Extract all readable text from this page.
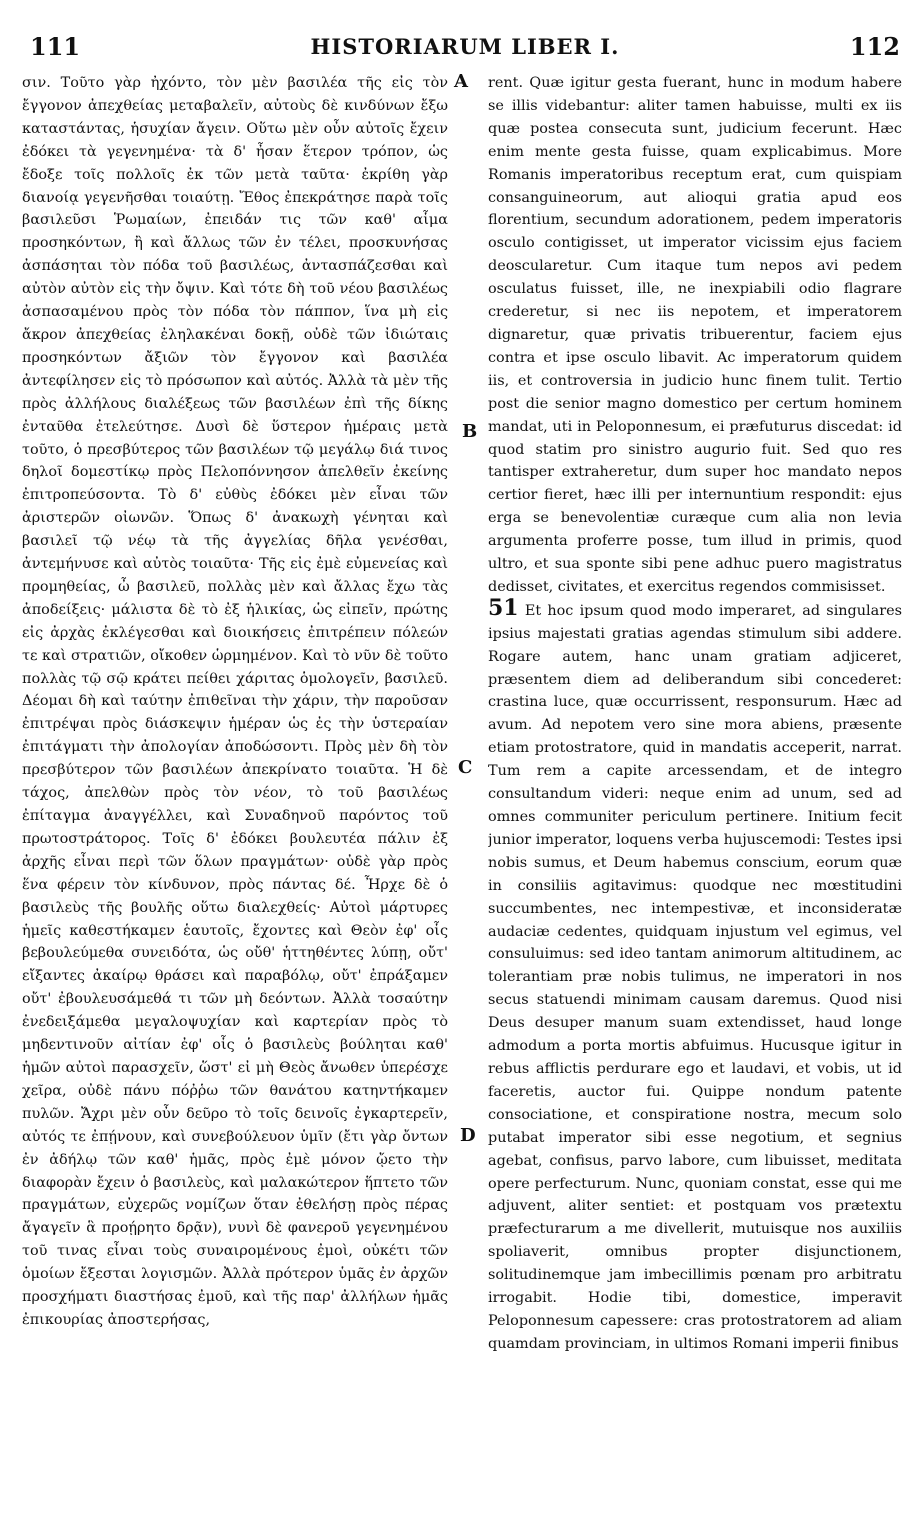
111	HISTORIARUM LIBER I.	112

σιν. Τοῦτο γὰρ ἠχόντο, τὸν μὲν βασιλέα τῆς εἰς τὸν ἔγγονον ἀπεχθείας μεταβαλεῖν, αὐτοὺς δὲ κινδύνων ἔξω καταστάντας, ἡσυχίαν ἄγειν. Οὕτω μὲν οὖν αὐτοῖς ἔχειν ἐδόκει τὰ γεγενημένα· τὰ δ' ἦσαν ἕτερον τρόπον, ὡς ἔδοξε τοῖς πολλοῖς ἐκ τῶν μετὰ ταῦτα· ἐκρίθη γὰρ διανοίᾳ γεγενῆσθαι τοιαύτῃ. Ἔθος ἐπεκράτησε παρὰ τοῖς βασιλεῦσι Ῥωμαίων, ἐπειδάν τις τῶν καθ' αἷμα προσηκόντων, ἢ καὶ ἄλλως τῶν ἐν τέλει, προσκυνήσας ἀσπάσηται τὸν πόδα τοῦ βασιλέως, ἀντασπάζεσθαι καὶ αὐτὸν αὐτὸν εἰς τὴν ὄψιν. Καὶ τότε δὴ τοῦ νέου βασιλέως ἀσπασαμένου πρὸς τὸν πόδα τὸν πάππον, ἵνα μὴ εἰς ἄκρον ἀπεχθείας ἐληλακέναι δοκῇ, οὐδὲ τῶν ἰδιώταις προσηκόντων ἄξιῶν τὸν ἔγγονον καὶ βασιλέα ἀντεφίλησεν εἰς τὸ πρόσωπον καὶ αὐτός. Ἀλλὰ τὰ μὲν τῆς πρὸς ἀλλήλους διαλέξεως τῶν βασιλέων ἐπὶ τῆς δίκης ἐνταῦθα ἐτελεύτησε. Δυσὶ δὲ ὕστερον ἡμέραις μετὰ τοῦτο, ὁ πρεσβύτερος τῶν βασιλέων τῷ μεγάλῳ διά τινος δηλοῖ δομεστίκῳ πρὸς Πελοπόννησον ἀπελθεῖν ἐκείνης ἐπιτροπεύσοντα. Τὸ δ' εὐθὺς ἐδόκει μὲν εἶναι τῶν ἀριστερῶν οἰωνῶν. Ὅπως δ' ἀνακωχὴ γένηται καὶ βασιλεῖ τῷ νέῳ τὰ τῆς ἀγγελίας δῆλα γενέσθαι, ἀντεμήνυσε καὶ αὐτὸς τοιαῦτα· Τῆς εἰς ἐμὲ εὐμενείας καὶ προμηθείας, ὦ βασιλεῦ, πολλὰς μὲν καὶ ἄλλας ἔχω τὰς ἀποδείξεις· μάλιστα δὲ τὸ ἐξ ἡλικίας, ὡς εἰπεῖν, πρώτης εἰς ἀρχὰς ἐκλέγεσθαι καὶ διοικήσεις ἐπιτρέπειν πόλεών τε καὶ στρατιῶν, οἴκοθεν ὡρμημένον. Καὶ τὸ νῦν δὲ τοῦτο πολλὰς τῷ σῷ κράτει πείθει χάριτας ὁμολογεῖν, βασιλεῦ. Δέομαι δὴ καὶ ταύτην ἐπιθεῖναι τὴν χάριν, τὴν παροῦσαν ἐπιτρέψαι πρὸς διάσκεψιν ἡμέραν ὡς ἐς τὴν ὑστεραίαν ἐπιτάγματι τὴν ἀπολογίαν ἀποδώσοντι. Πρὸς μὲν δὴ τὸν πρεσβύτερον τῶν βασιλέων ἀπεκρίνατο τοιαῦτα. Ἡ δὲ τάχος, ἀπελθὼν πρὸς τὸν νέον, τὸ τοῦ βασιλέως ἐπίταγμα ἀναγγέλλει, καὶ Συναδηνοῦ παρόντος τοῦ πρωτοστράτορος. Τοῖς δ' ἐδόκει βουλευτέα πάλιν ἐξ ἀρχῆς εἶναι περὶ τῶν ὅλων πραγμάτων· οὐδὲ γὰρ πρὸς ἕνα φέρειν τὸν κίνδυνον, πρὸς πάντας δέ. Ἦρχε δὲ ὁ βασιλεὺς τῆς βουλῆς οὕτω διαλεχθείς· Αὐτοὶ μάρτυρες ἡμεῖς καθεστήκαμεν ἑαυτοῖς, ἔχοντες καὶ Θεὸν ἐφ' οἷς βεβουλεύμεθα συνειδότα, ὡς οὔθ' ἡττηθέντες λύπῃ, οὔτ' εἴξαντες ἀκαίρῳ θράσει καὶ παραβόλῳ, οὔτ' ἐπράξαμεν οὔτ' ἐβουλευσάμεθά τι τῶν μὴ δεόντων. Ἀλλὰ τοσαύτην ἐνεδειξάμεθα μεγαλοψυχίαν καὶ καρτερίαν πρὸς τὸ μηδεντινοῦν αἰτίαν ἐφ' οἷς ὁ βασιλεὺς βούληται καθ' ἡμῶν αὐτοὶ παρασχεῖν, ὥστ' εἰ μὴ Θεὸς ἄνωθεν ὑπερέσχε χεῖρα, οὐδὲ πάνυ πόῤῥω τῶν θανάτου κατηντήκαμεν πυλῶν. Ἄχρι μὲν οὖν δεῦρο τὸ τοῖς δεινοῖς ἐγκαρτερεῖν, αὐτός τε ἐπῄνουν, καὶ συνεβούλευον ὑμῖν (ἔτι γὰρ ὄντων ἐν ἀδήλῳ τῶν καθ' ἡμᾶς, πρὸς ἐμὲ μόνον ᾤετο τὴν διαφορὰν ἔχειν ὁ βασιλεὺς, καὶ μαλακώτερον ἥπτετο τῶν πραγμάτων, εὐχερῶς νομίζων ὅταν ἐθελήσῃ πρὸς πέρας ἄγαγεῖν ἃ προῄρητο δρᾷν), νυνὶ δὲ φανεροῦ γεγενημένου τοῦ τινας εἶναι τοὺς συναιρομένους ἐμοὶ, οὐκέτι τῶν ὁμοίων ἔξεσται λογισμῶν. Ἀλλὰ πρότερον ὑμᾶς ἐν ἀρχῶν προσχήματι διαστήσας ἐμοῦ, καὶ τῆς παρ' ἀλλήλων ἡμᾶς ἐπικουρίας ἀποστερήσας,

A
B
C
D

rent. Quæ igitur gesta fuerant, hunc in modum habere se illis videbantur: aliter tamen habuisse, multi ex iis quæ postea consecuta sunt, judicium fecerunt. Hæc enim mente gesta fuisse, quam explicabimus. More Romanis imperatoribus receptum erat, cum quispiam consanguineorum, aut alioqui gratia apud eos florentium, secundum adorationem, pedem imperatoris osculo contigisset, ut imperator vicissim ejus faciem deoscularetur. Cum itaque tum nepos avi pedem osculatus fuisset, ille, ne inexpiabili odio flagrare crederetur, si nec iis nepotem, et imperatorem dignaretur, quæ privatis tribuerentur, faciem ejus contra et ipse osculo libavit. Ac imperatorum quidem iis, et controversia in judicio hunc finem tulit. Tertio post die senior magno domestico per certum hominem mandat, uti in Peloponnesum, ei præfuturus discedat: id quod statim pro sinistro augurio fuit. Sed quo res tantisper extraheretur, dum super hoc mandato nepos certior fieret, hæc illi per internuntium respondit: ejus erga se benevolentiæ curæque cum alia non levia argumenta proferre posse, tum illud in primis, quod ultro, et sua sponte sibi pene adhuc puero magistratus dedisset, civitates, et exercitus regendos commisisset.

51 Et hoc ipsum quod modo imperaret, ad singulares ipsius majestati gratias agendas stimulum sibi addere. Rogare autem, hanc unam gratiam adjiceret, præsentem diem ad deliberandum sibi concederet: crastina luce, quæ occurrissent, responsurum. Hæc ad avum. Ad nepotem vero sine mora abiens, præsente etiam protostratore, quid in mandatis acceperit, narrat. Tum rem a capite arcessendam, et de integro consultandum videri: neque enim ad unum, sed ad omnes communiter periculum pertinere. Initium fecit junior imperator, loquens verba hujuscemodi: Testes ipsi nobis sumus, et Deum habemus conscium, eorum quæ in consiliis agitavimus: quodque nec mœstitudini succumbentes, nec intempestivæ, et inconsideratæ audaciæ cedentes, quidquam injustum vel egimus, vel consuluimus: sed ideo tantam animorum altitudinem, ac tolerantiam præ nobis tulimus, ne imperatori in nos secus statuendi minimam causam daremus. Quod nisi Deus desuper manum suam extendisset, haud longe admodum a porta mortis abfuimus. Hucusque igitur in rebus afflictis perdurare ego et laudavi, et vobis, ut id faceretis, auctor fui. Quippe nondum patente consociatione, et conspiratione nostra, mecum solo putabat imperator sibi esse negotium, et segnius agebat, confisus, parvo labore, cum libuisset, meditata opere perfecturum. Nunc, quoniam constat, esse qui me adjuvent, aliter sentiet: et postquam vos prætextu præfecturarum a me divellerit, mutuisque nos auxiliis spoliaverit, omnibus propter disjunctionem, solitudinemque jam imbecillimis pœnam pro arbitratu irrogabit. Hodie tibi, domestice, imperavit Peloponnesum capessere: cras protostratorem ad aliam quamdam provinciam, in ultimos Romani imperii finibus
